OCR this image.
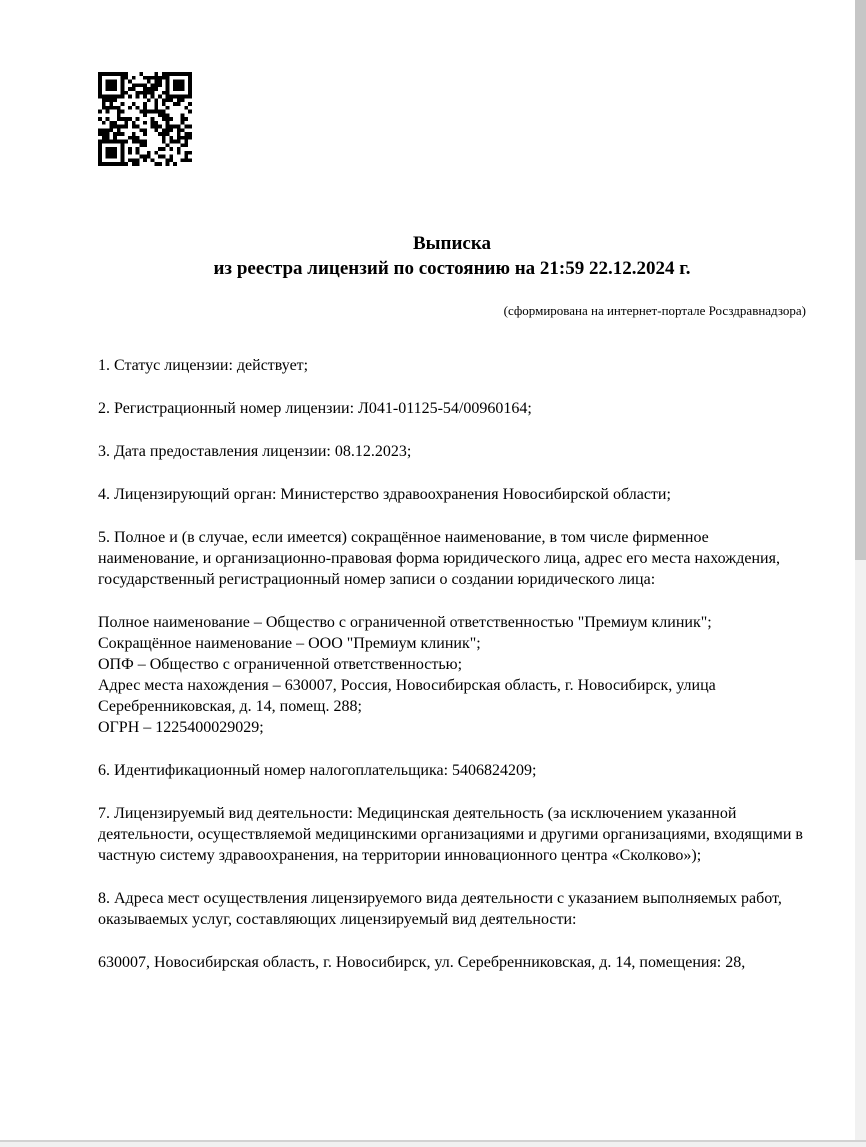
Выписка
из реестра лицензий по состоянию на 21:59 22.12.2024 г.
(сформирована на интернет-портале Росздравнадзора)
1. Статус лицензии: действует;
2. Регистрационный номер лицензии: Л041-01125-54/00960164;
3. Дата предоставления лицензии: 08.12.2023;
4. Лицензирующий орган: Министерство здравоохранения Новосибирской области;
5. Полное и (в случае, если имеется) сокращённое наименование, в том числе фирменное наименование, и организационно-правовая форма юридического лица, адрес его места нахождения, государственный регистрационный номер записи о создании юридического лица:
Полное наименование – Общество с ограниченной ответственностью "Премиум клиник";
Сокращённое наименование – ООО "Премиум клиник";
ОПФ – Общество с ограниченной ответственностью;
Адрес места нахождения – 630007, Россия, Новосибирская область, г. Новосибирск, улица Серебренниковская, д. 14, помещ. 288;
ОГРН – 1225400029029;
6. Идентификационный номер налогоплательщика: 5406824209;
7. Лицензируемый вид деятельности: Медицинская деятельность (за исключением указанной деятельности, осуществляемой медицинскими организациями и другими организациями, входящими в частную систему здравоохранения, на территории инновационного центра «Сколково»);
8. Адреса мест осуществления лицензируемого вида деятельности с указанием выполняемых работ, оказываемых услуг, составляющих лицензируемый вид деятельности:
630007, Новосибирская область, г. Новосибирск, ул. Серебренниковская, д. 14, помещения: 28,
